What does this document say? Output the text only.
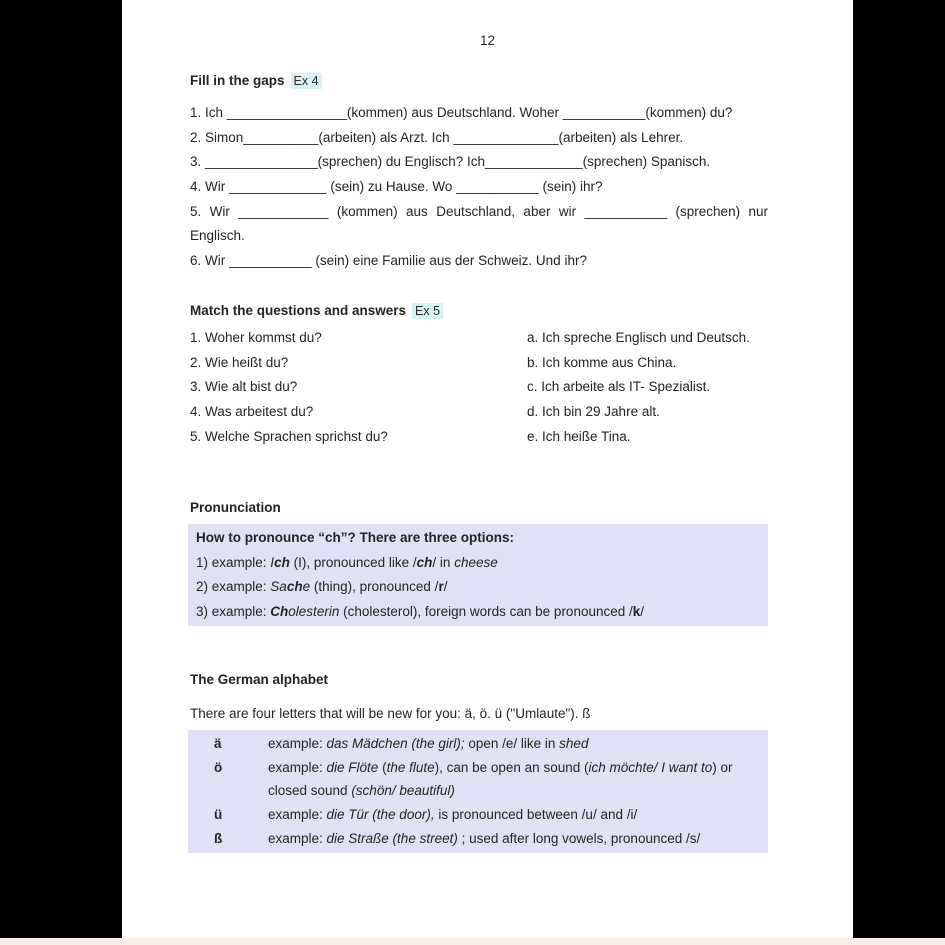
12
Fill in the gaps Ex 4
1. Ich ________________(kommen) aus Deutschland. Woher ___________(kommen) du?
2. Simon__________(arbeiten) als Arzt. Ich ______________(arbeiten) als Lehrer.
3. _______________(sprechen) du Englisch? Ich_____________(sprechen) Spanisch.
4. Wir _____________ (sein) zu Hause. Wo ___________ (sein) ihr?
5. Wir ____________ (kommen) aus Deutschland, aber wir ___________ (sprechen) nur Englisch.
6. Wir ___________ (sein) eine Familie aus der Schweiz. Und ihr?
Match the questions and answers Ex 5
1. Woher kommst du?	a. Ich spreche Englisch und Deutsch.
2. Wie heißt du?	b. Ich komme aus China.
3. Wie alt bist du?	c. Ich arbeite als IT- Spezialist.
4. Was arbeitest du?	d. Ich bin 29 Jahre alt.
5. Welche Sprachen sprichst du?	e. Ich heiße Tina.
Pronunciation
How to pronounce “ch”? There are three options:
1) example: Ich (I), pronounced like /ch/ in cheese
2) example: Sache (thing), pronounced /r/
3) example: Cholesterin (cholesterol), foreign words can be pronounced /k/
The German alphabet
There are four letters that will be new for you: ä, ö. ü ("Umlaute"). ß
ä	example: das Mädchen (the girl); open /e/ like in shed
ö	example: die Flöte (the flute), can be open an sound (ich möchte/ I want to) or
closed sound (schön/ beautiful)
ü	example: die Tür (the door), is pronounced between /u/ and /i/
ß	example: die Straße (the street) ; used after long vowels, pronounced /s/
